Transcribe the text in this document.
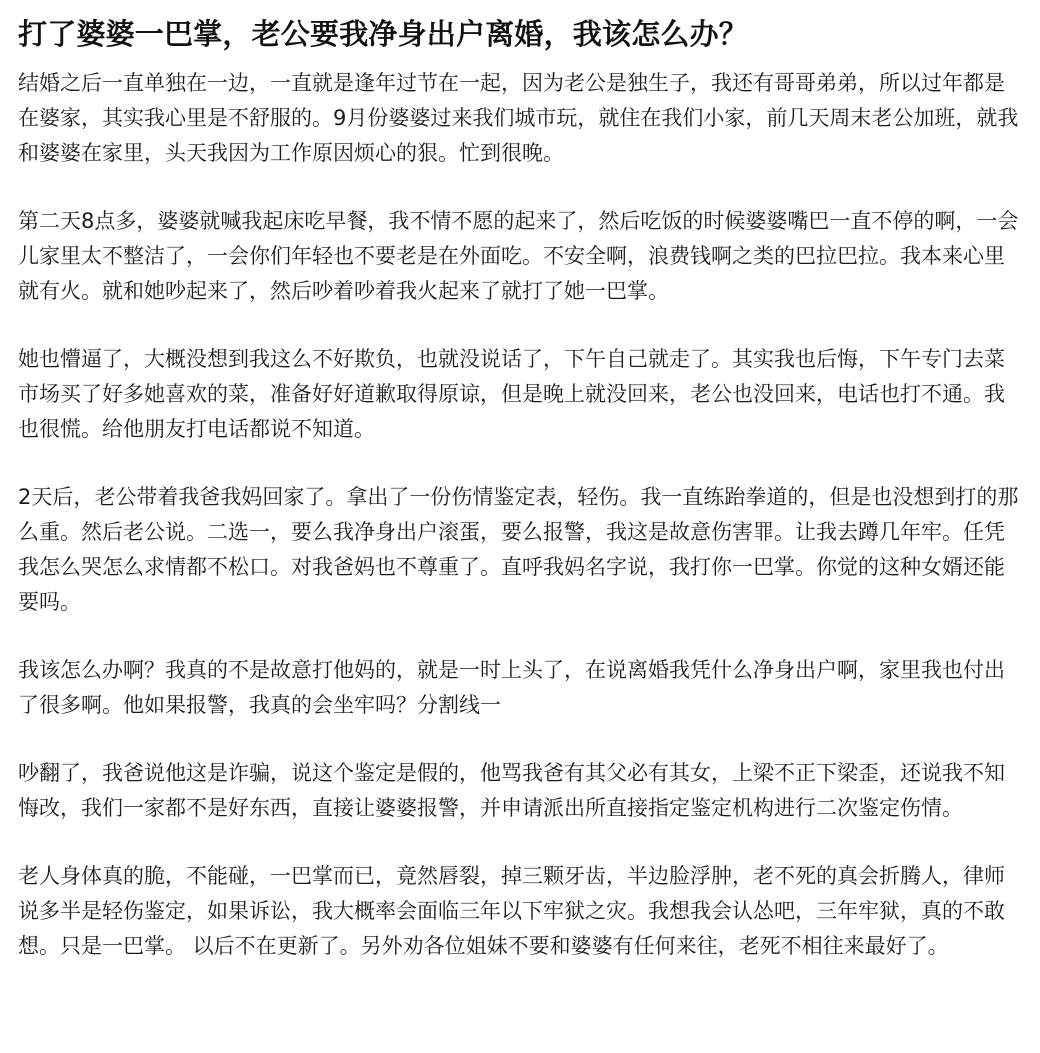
打了婆婆一巴掌，老公要我净身出户离婚，我该怎么办？

结婚之后一直单独在一边，一直就是逢年过节在一起，因为老公是独生子，我还有哥哥弟弟，所以过年都是在婆家，其实我心里是不舒服的。9月份婆婆过来我们城市玩，就住在我们小家，前几天周末老公加班，就我和婆婆在家里，头天我因为工作原因烦心的狠。忙到很晚。

第二天8点多，婆婆就喊我起床吃早餐，我不情不愿的起来了，然后吃饭的时候婆婆嘴巴一直不停的啊，一会儿家里太不整洁了，一会你们年轻也不要老是在外面吃。不安全啊，浪费钱啊之类的巴拉巴拉。我本来心里就有火。就和她吵起来了，然后吵着吵着我火起来了就打了她一巴掌。

她也懵逼了，大概没想到我这么不好欺负，也就没说话了，下午自己就走了。其实我也后悔，下午专门去菜市场买了好多她喜欢的菜，准备好好道歉取得原谅，但是晚上就没回来，老公也没回来，电话也打不通。我也很慌。给他朋友打电话都说不知道。

2天后，老公带着我爸我妈回家了。拿出了一份伤情鉴定表，轻伤。我一直练跆拳道的，但是也没想到打的那么重。然后老公说。二选一，要么我净身出户滚蛋，要么报警，我这是故意伤害罪。让我去蹲几年牢。任凭我怎么哭怎么求情都不松口。对我爸妈也不尊重了。直呼我妈名字说，我打你一巴掌。你觉的这种女婿还能要吗。

我该怎么办啊？我真的不是故意打他妈的，就是一时上头了，在说离婚我凭什么净身出户啊，家里我也付出了很多啊。他如果报警，我真的会坐牢吗？分割线一

吵翻了，我爸说他这是诈骗，说这个鉴定是假的，他骂我爸有其父必有其女，上梁不正下梁歪，还说我不知悔改，我们一家都不是好东西，直接让婆婆报警，并申请派出所直接指定鉴定机构进行二次鉴定伤情。

老人身体真的脆，不能碰，一巴掌而已，竟然唇裂，掉三颗牙齿，半边脸浮肿，老不死的真会折腾人，律师说多半是轻伤鉴定，如果诉讼，我大概率会面临三年以下牢狱之灾。我想我会认怂吧，三年牢狱，真的不敢想。只是一巴掌。 以后不在更新了。另外劝各位姐妹不要和婆婆有任何来往，老死不相往来最好了。
